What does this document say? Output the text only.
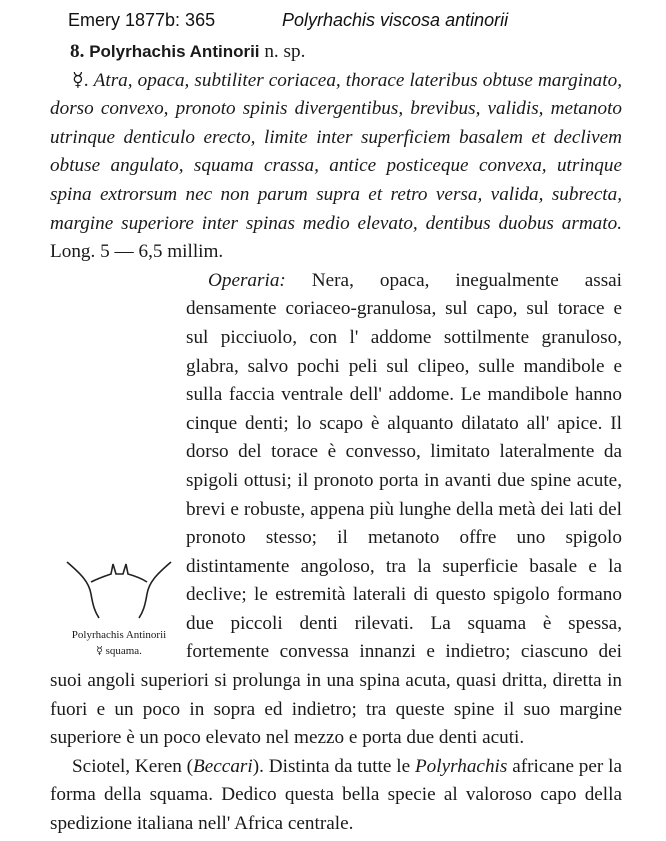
Emery 1877b: 365	Polyrhachis viscosa antinorii

8. Polyrhachis Antinorii n. sp.

☿. Atra, opaca, subtiliter coriacea, thorace lateribus obtuse marginato, dorso convexo, pronoto spinis divergentibus, brevibus, validis, metanoto utrinque denticulo erecto, limite inter superficiem basalem et declivem obtuse angulato, squama crassa, antice posticeque convexa, utrinque spina extrorsum nec non parum supra et retro versa, valida, subrecta, margine superiore inter spinas medio elevato, dentibus duobus armato. Long. 5 — 6,5 millim.

Operaria: Nera, opaca, inegualmente assai densamente coriaceo-granulosa, sul capo, sul torace e sul picciuolo, con l' addome sottilmente granuloso, glabra, salvo pochi peli sul clipeo, sulle mandibole e sulla faccia ventrale dell' addome. Le mandibole hanno cinque denti; lo scapo è alquanto dilatato all' apice. Il dorso del torace è convesso, limitato lateralmente da spigoli ottusi; il pronoto porta in avanti due spine acute, brevi e robuste, appena più lunghe della metà dei lati del pronoto stesso; il metanoto offre uno spigolo distintamente angoloso, tra la superficie basale e la declive; le estremità laterali di questo spigolo formano due piccoli denti rilevati. La squama è spessa, fortemente convessa innanzi e indietro; ciascuno dei suoi angoli superiori si prolunga in una spina acuta, quasi dritta, diretta in fuori e un poco in sopra ed indietro; tra queste spine il suo margine superiore è un poco elevato nel mezzo e porta due denti acuti.

Sciotel, Keren (Beccari). Distinta da tutte le Polyrhachis africane per la forma della squama. Dedico questa bella specie al valoroso capo della spedizione italiana nell' Africa centrale.

Polyrhachis Antinorii
☿ squama.
